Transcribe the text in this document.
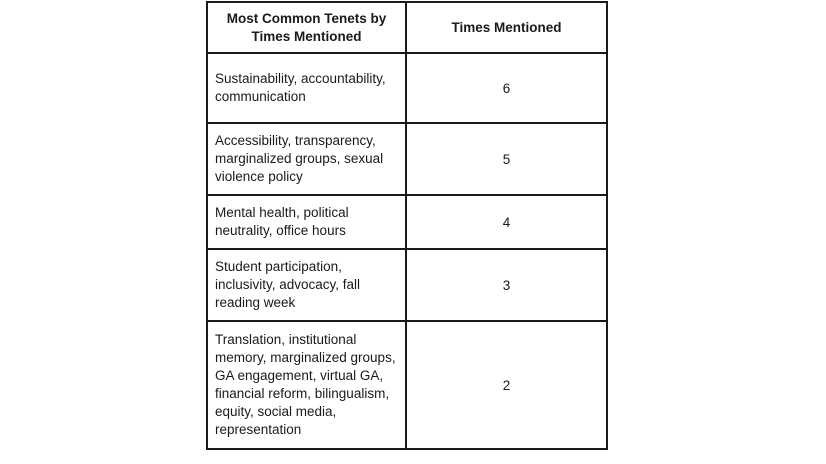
Most Common Tenets by Times Mentioned	Times Mentioned
Sustainability, accountability, communication	6
Accessibility, transparency, marginalized groups, sexual violence policy	5
Mental health, political neutrality, office hours	4
Student participation, inclusivity, advocacy, fall reading week	3
Translation, institutional memory, marginalized groups, GA engagement, virtual GA, financial reform, bilingualism, equity, social media, representation	2
